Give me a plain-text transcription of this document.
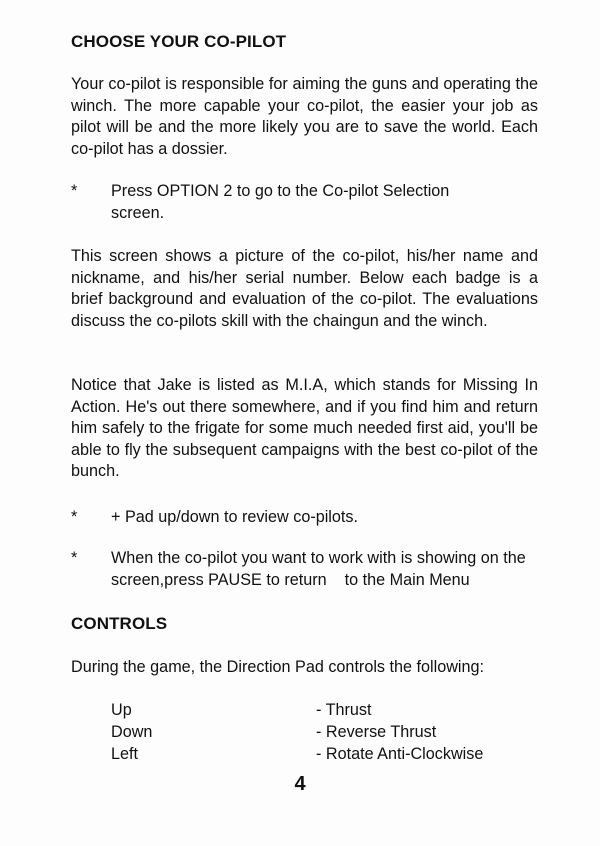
CHOOSE YOUR CO-PILOT

Your co-pilot is responsible for aiming the guns and operating the winch. The more capable your co-pilot, the easier your job as pilot will be and the more likely you are to save the world. Each co-pilot has a dossier.

* Press OPTION 2 to go to the Co-pilot Selection screen.

This screen shows a picture of the co-pilot, his/her name and nickname, and his/her serial number. Below each badge is a brief background and evaluation of the co-pilot. The evaluations discuss the co-pilots skill with the chaingun and the winch.

Notice that Jake is listed as M.I.A, which stands for Missing In Action. He's out there somewhere, and if you find him and return him safely to the frigate for some much needed first aid, you'll be able to fly the subsequent campaigns with the best co-pilot of the bunch.

* + Pad up/down to review co-pilots.
* When the co-pilot you want to work with is showing on the screen,press PAUSE to return    to the Main Menu
CONTROLS

During the game, the Direction Pad controls the following:

Up	- Thrust
Down	- Reverse Thrust
Left	- Rotate Anti-Clockwise
4
